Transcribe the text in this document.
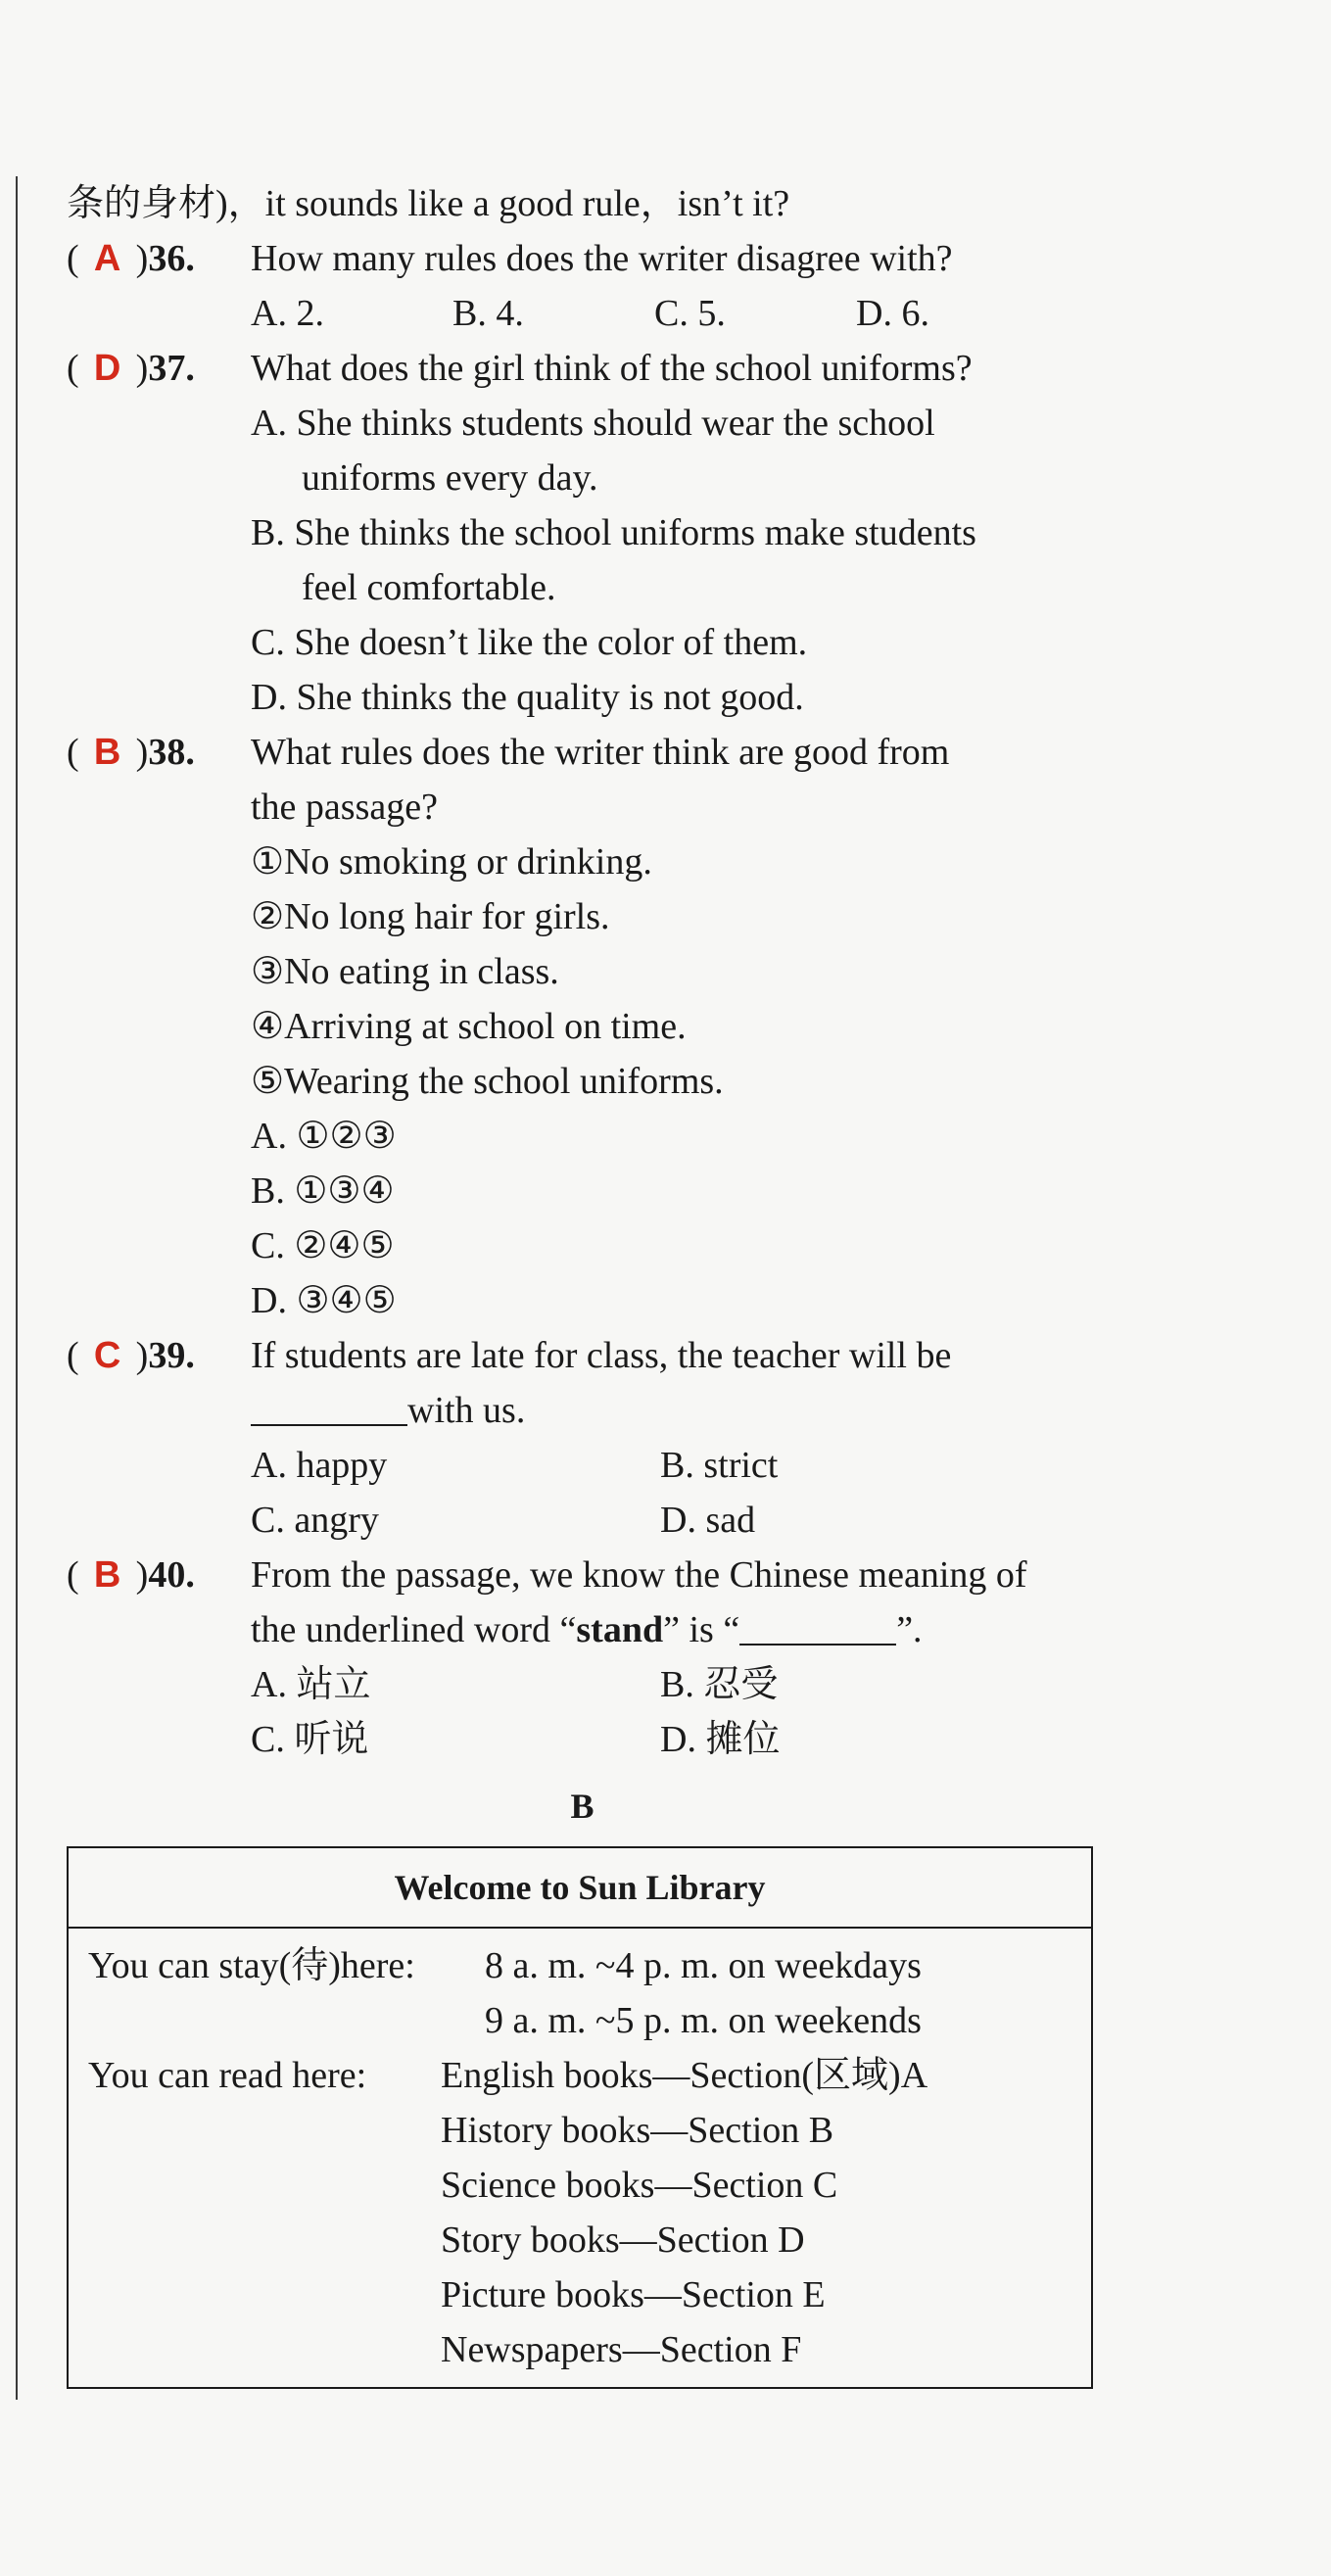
条的身材)，it sounds like a good rule，isn’t it?
( A )36.	How many rules does the writer disagree with?
A. 2.	B. 4.	C. 5.	D. 6.
( D )37.	What does the girl think of the school uniforms?
A. She thinks students should wear the school
uniforms every day.
B. She thinks the school uniforms make students
feel comfortable.
C. She doesn’t like the color of them.
D. She thinks the quality is not good.
( B )38.	What rules does the writer think are good from
the passage?
①No smoking or drinking.
②No long hair for girls.
③No eating in class.
④Arriving at school on time.
⑤Wearing the school uniforms.
A. ①②③
B. ①③④
C. ②④⑤
D. ③④⑤
( C )39.	If students are late for class, the teacher will be
with us.
A. happy	B. strict
C. angry	D. sad
( B )40.	From the passage, we know the Chinese meaning of
the underlined word “stand” is “	”.
A. 站立	B. 忍受
C. 听说	D. 摊位
B
Welcome to Sun Library
You can stay(待)here:	8 a. m. ~4 p. m. on weekdays
9 a. m. ~5 p. m. on weekends
You can read here:	English books—Section(区域)A
History books—Section B
Science books—Section C
Story books—Section D
Picture books—Section E
Newspapers—Section F
